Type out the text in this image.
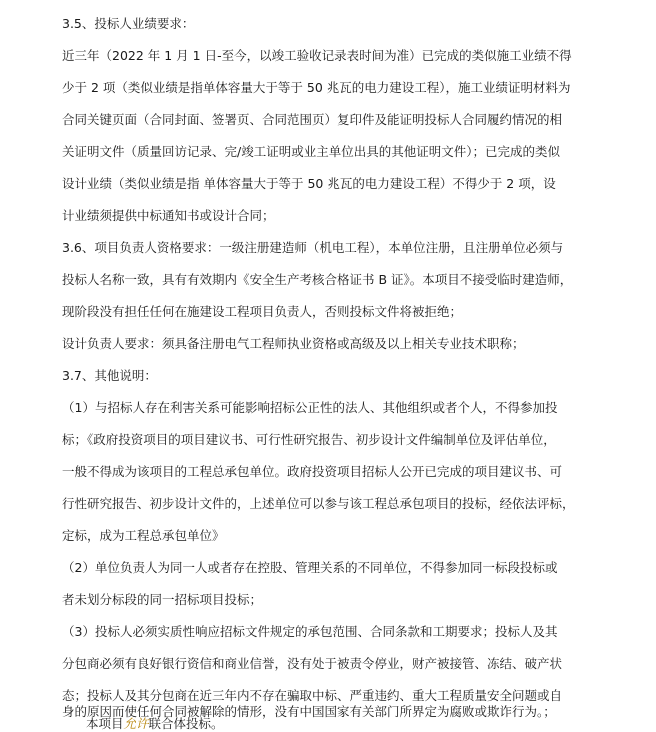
3.5、投标人业绩要求：
近三年（2022 年 1 月 1 日-至今，以竣工验收记录表时间为准）已完成的类似施工业绩不得
少于 2 项（类似业绩是指单体容量大于等于 50 兆瓦的电力建设工程），施工业绩证明材料为
合同关键页面（合同封面、签署页、合同范围页）复印件及能证明投标人合同履约情况的相
关证明文件（质量回访记录、完/竣工证明或业主单位出具的其他证明文件）；已完成的类似
设计业绩（类似业绩是指 单体容量大于等于 50 兆瓦的电力建设工程）不得少于 2 项，设
计业绩须提供中标通知书或设计合同；
3.6、项目负责人资格要求：一级注册建造师（机电工程），本单位注册，且注册单位必须与
投标人名称一致，具有有效期内《安全生产考核合格证书 B 证》。本项目不接受临时建造师，
现阶段没有担任任何在施建设工程项目负责人，否则投标文件将被拒绝；
设计负责人要求：须具备注册电气工程师执业资格或高级及以上相关专业技术职称；
3.7、其他说明：
（1）与招标人存在利害关系可能影响招标公正性的法人、其他组织或者个人，不得参加投
标；《政府投资项目的项目建议书、可行性研究报告、初步设计文件编制单位及评估单位，
一般不得成为该项目的工程总承包单位。政府投资项目招标人公开已完成的项目建议书、可
行性研究报告、初步设计文件的，上述单位可以参与该工程总承包项目的投标，经依法评标，
定标，成为工程总承包单位》
（2）单位负责人为同一人或者存在控股、管理关系的不同单位，不得参加同一标段投标或
者未划分标段的同一招标项目投标；
（3）投标人必须实质性响应招标文件规定的承包范围、合同条款和工期要求；投标人及其
分包商必须有良好银行资信和商业信誉，没有处于被责令停业，财产被接管、冻结、破产状
态；投标人及其分包商在近三年内不存在骗取中标、严重违约、重大工程质量安全问题或自
身的原因而使任何合同被解除的情形，没有中国国家有关部门所界定为腐败或欺诈行为。；
本项目允许联合体投标。
